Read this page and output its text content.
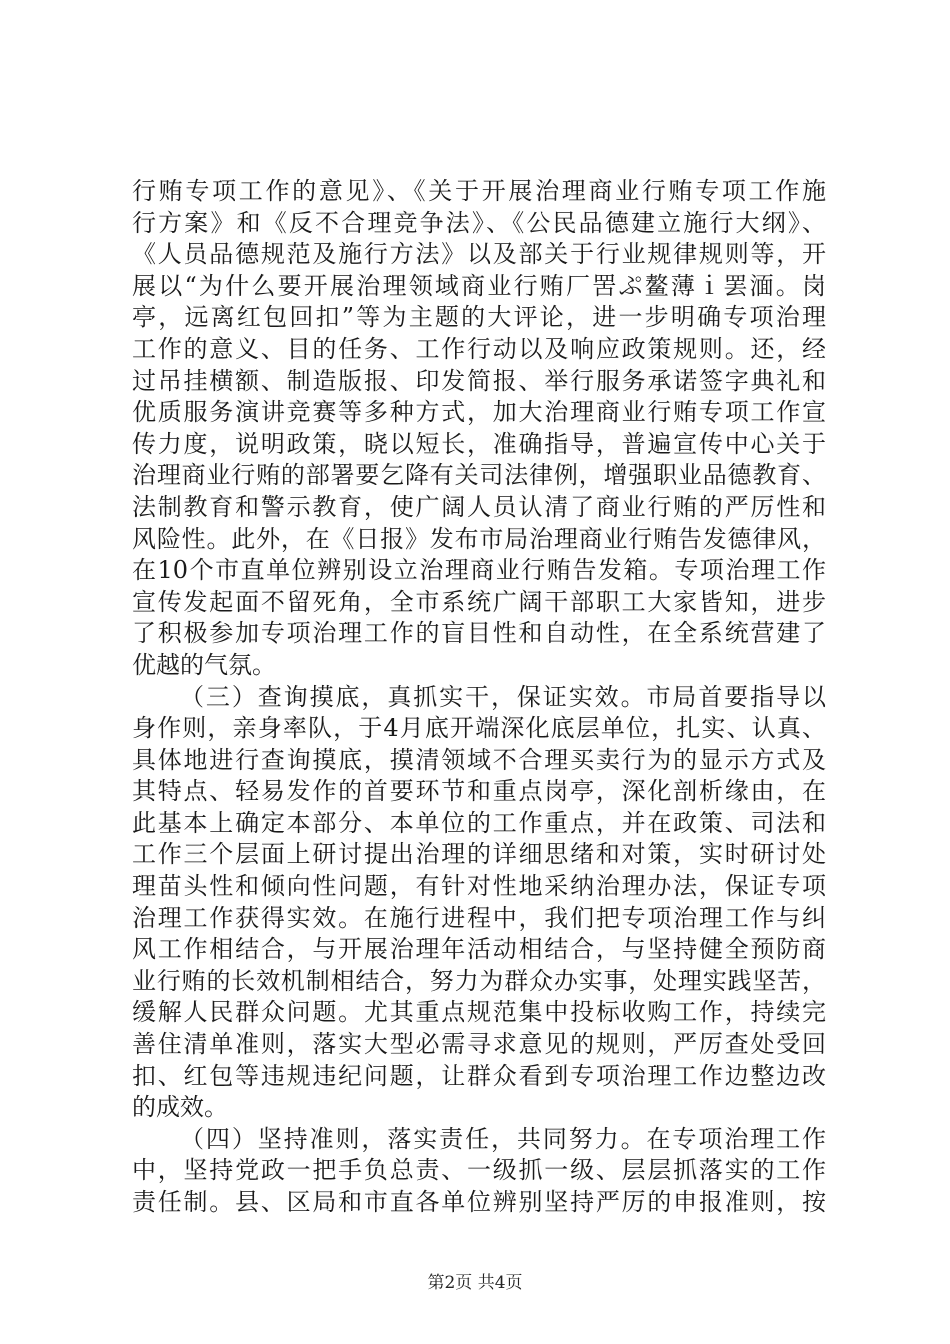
行贿专项工作的意见》、《关于开展治理商业行贿专项工作施
行方案》和《反不合理竞争法》、《公民品德建立施行大纲》、
《人员品德规范及施行方法》以及部关于行业规律规则等，开
展以“为什么要开展治理领域商业行贿厂罟ぷ鳌薄ｉ罢湎。岗
亭，远离红包回扣”等为主题的大评论，进一步明确专项治理
工作的意义、目的任务、工作行动以及响应政策规则。还，经
过吊挂横额、制造版报、印发简报、举行服务承诺签字典礼和
优质服务演讲竞赛等多种方式，加大治理商业行贿专项工作宣
传力度，说明政策，晓以短长，准确指导，普遍宣传中心关于
治理商业行贿的部署要乞降有关司法律例，增强职业品德教育、
法制教育和警示教育，使广阔人员认清了商业行贿的严厉性和
风险性。此外，在《日报》发布市局治理商业行贿告发德律风，
在10个市直单位辨别设立治理商业行贿告发箱。专项治理工作
宣传发起面不留死角，全市系统广阔干部职工大家皆知，进步
了积极参加专项治理工作的盲目性和自动性，在全系统营建了
优越的气氛。
（三）查询摸底，真抓实干，保证实效。市局首要指导以
身作则，亲身率队，于4月底开端深化底层单位，扎实、认真、
具体地进行查询摸底，摸清领域不合理买卖行为的显示方式及
其特点、轻易发作的首要环节和重点岗亭，深化剖析缘由，在
此基本上确定本部分、本单位的工作重点，并在政策、司法和
工作三个层面上研讨提出治理的详细思绪和对策，实时研讨处
理苗头性和倾向性问题，有针对性地采纳治理办法，保证专项
治理工作获得实效。在施行进程中，我们把专项治理工作与纠
风工作相结合，与开展治理年活动相结合，与坚持健全预防商
业行贿的长效机制相结合，努力为群众办实事，处理实践坚苦，
缓解人民群众问题。尤其重点规范集中投标收购工作，持续完
善住清单准则，落实大型必需寻求意见的规则，严厉查处受回
扣、红包等违规违纪问题，让群众看到专项治理工作边整边改
的成效。
（四）坚持准则，落实责任，共同努力。在专项治理工作
中，坚持党政一把手负总责、一级抓一级、层层抓落实的工作
责任制。县、区局和市直各单位辨别坚持严厉的申报准则，按
第2页 共4页
